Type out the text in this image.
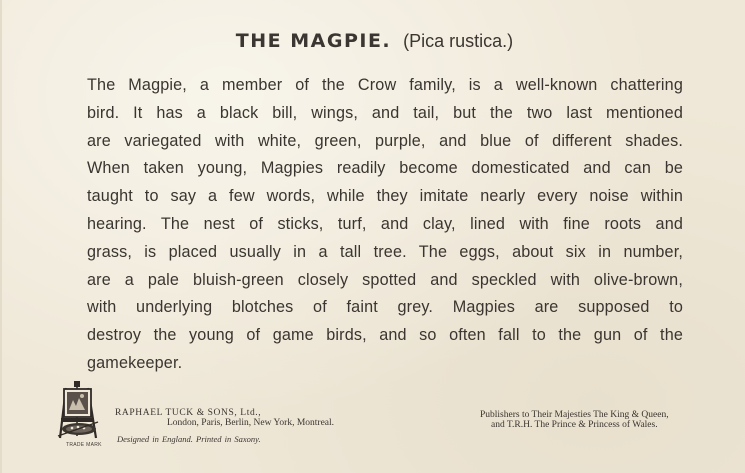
THE MAGPIE. (Pica rustica.)
The Magpie, a member of the Crow family, is a well-known chattering
bird. It has a black bill, wings, and tail, but the two last mentioned
are variegated with white, green, purple, and blue of different shades.
When taken young, Magpies readily become domesticated and can be
taught to say a few words, while they imitate nearly every noise within
hearing. The nest of sticks, turf, and clay, lined with fine roots and
grass, is placed usually in a tall tree. The eggs, about six in number,
are a pale bluish-green closely spotted and speckled with olive-brown,
with underlying blotches of faint grey. Magpies are supposed to
destroy the young of game birds, and so often fall to the gun of the
gamekeeper.
TRADE MARK
RAPHAEL TUCK & SONS, Ltd.,
London, Paris, Berlin, New York, Montreal.
Designed in England. Printed in Saxony.
Publishers to Their Majesties The King & Queen,
and T.R.H. The Prince & Princess of Wales.
